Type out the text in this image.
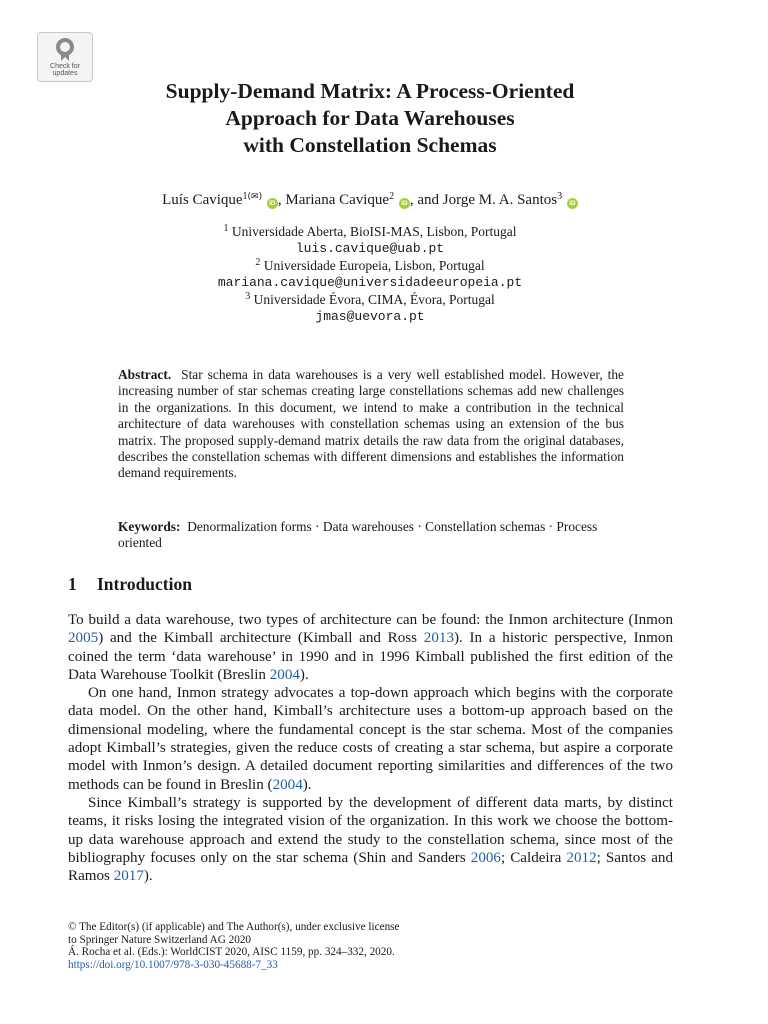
Check for
updates
Supply-Demand Matrix: A Process-Oriented
Approach for Data Warehouses
with Constellation Schemas
Luís Cavique$^{1(✉)}$ iD , Mariana Cavique$^2$ iD , and Jorge M. A. Santos$^3$ iD
$^1$ Universidade Aberta, BioISI-MAS, Lisbon, Portugal
luis.cavique@uab.pt
$^2$ Universidade Europeia, Lisbon, Portugal
mariana.cavique@universidadeeuropeia.pt
$^3$ Universidade Évora, CIMA, Évora, Portugal
jmas@uevora.pt
Abstract. Star schema in data warehouses is a very well established model. However, the increasing number of star schemas creating large constellations schemas add new challenges in the organizations. In this document, we intend to make a contribution in the technical architecture of data warehouses with constellation schemas using an extension of the bus matrix. The proposed supply-demand matrix details the raw data from the original databases, describes the constellation schemas with different dimensions and establishes the information demand requirements.
Keywords: Denormalization forms · Data warehouses · Constellation schemas · Process oriented
1 Introduction

To build a data warehouse, two types of architecture can be found: the Inmon architecture (Inmon 2005) and the Kimball architecture (Kimball and Ross 2013). In a historic perspective, Inmon coined the term ‘data warehouse’ in 1990 and in 1996 Kimball published the first edition of the Data Warehouse Toolkit (Breslin 2004).

On one hand, Inmon strategy advocates a top-down approach which begins with the corporate data model. On the other hand, Kimball’s architecture uses a bottom-up approach based on the dimensional modeling, where the fundamental concept is the star schema. Most of the companies adopt Kimball’s strategies, given the reduce costs of creating a star schema, but aspire a corporate model with Inmon’s design. A detailed document reporting similarities and differences of the two methods can be found in Breslin (2004).

Since Kimball’s strategy is supported by the development of different data marts, by distinct teams, it risks losing the integrated vision of the organization. In this work we choose the bottom-up data warehouse approach and extend the study to the constellation schema, since most of the bibliography focuses only on the star schema (Shin and Sanders 2006; Caldeira 2012; Santos and Ramos 2017).

© The Editor(s) (if applicable) and The Author(s), under exclusive license
to Springer Nature Switzerland AG 2020
Á. Rocha et al. (Eds.): WorldCIST 2020, AISC 1159, pp. 324–332, 2020.
https://doi.org/10.1007/978-3-030-45688-7_33
